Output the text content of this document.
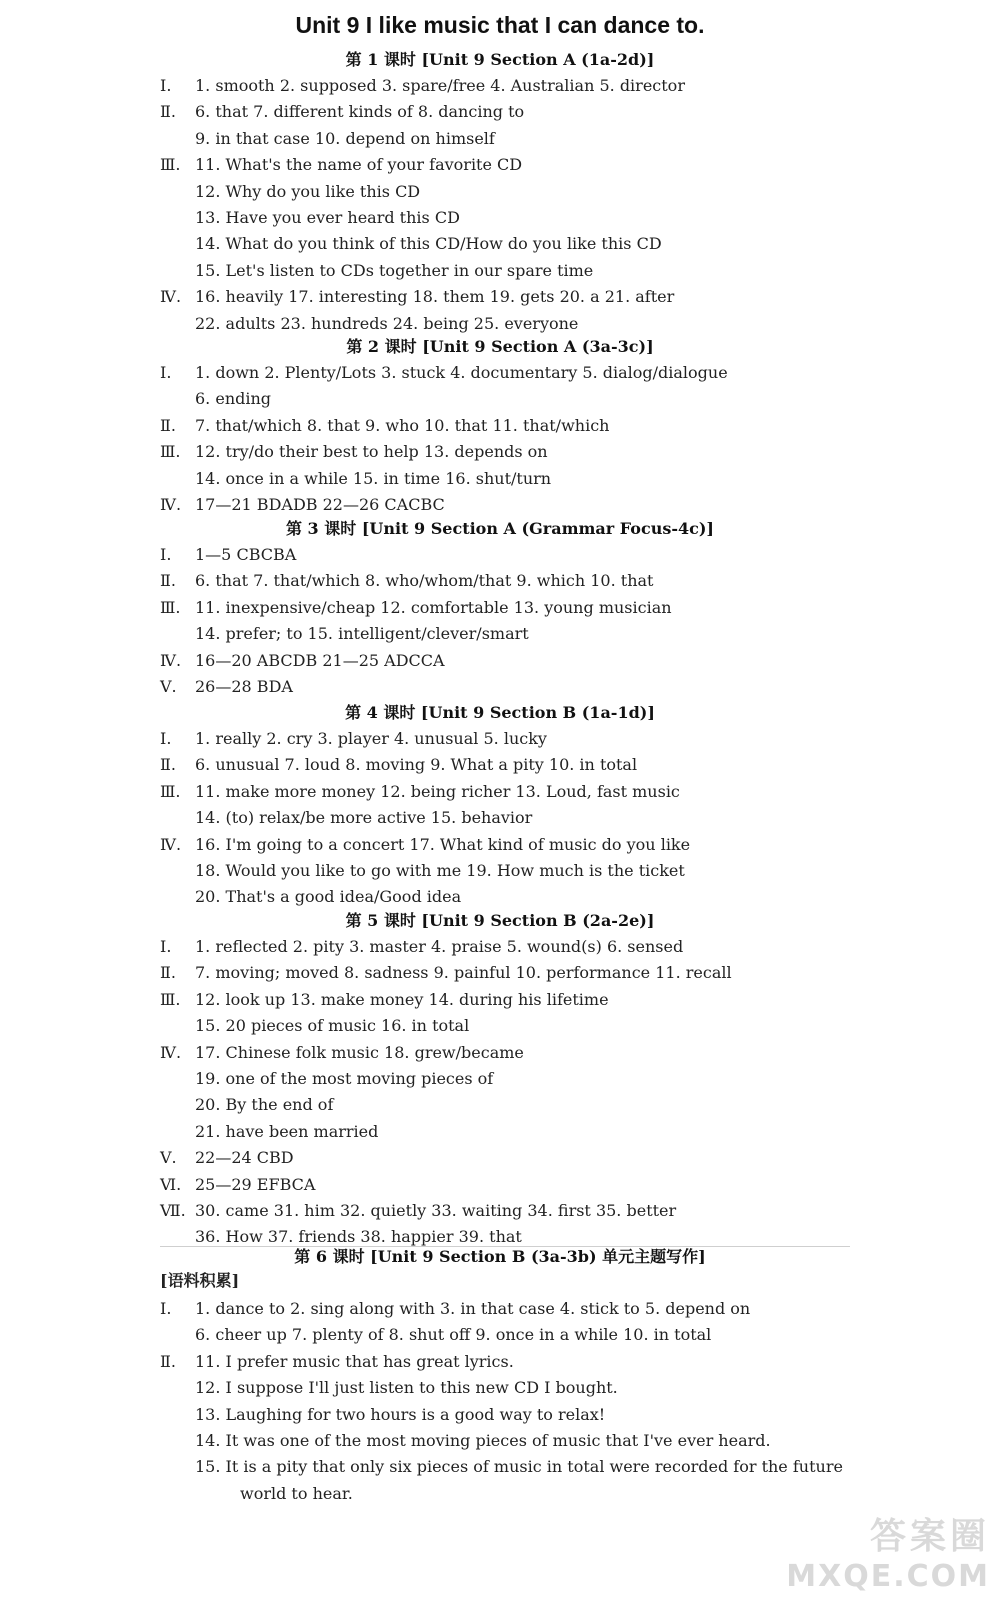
Unit 9 I like music that I can dance to.
第 1 课时 [Unit 9 Section A (1a-2d)]
Ⅰ.	1. smooth 2. supposed 3. spare/free 4. Australian 5. director
Ⅱ.	6. that 7. different kinds of 8. dancing to
9. in that case 10. depend on himself
Ⅲ. 11. What's the name of your favorite CD
12. Why do you like this CD
13. Have you ever heard this CD
14. What do you think of this CD/How do you like this CD
15. Let's listen to CDs together in our spare time
Ⅳ. 16. heavily 17. interesting 18. them 19. gets 20. a 21. after
22. adults 23. hundreds 24. being 25. everyone
第 2 课时 [Unit 9 Section A (3a-3c)]
Ⅰ.	1. down 2. Plenty/Lots 3. stuck 4. documentary 5. dialog/dialogue
6. ending
Ⅱ.	7. that/which 8. that 9. who 10. that 11. that/which
Ⅲ. 12. try/do their best to help 13. depends on
14. once in a while 15. in time 16. shut/turn
Ⅳ. 17—21 BDADB 22—26 CACBC
第 3 课时 [Unit 9 Section A (Grammar Focus-4c)]
Ⅰ.	1—5 CBCBA
Ⅱ.	6. that 7. that/which 8. who/whom/that 9. which 10. that
Ⅲ. 11. inexpensive/cheap 12. comfortable 13. young musician
14. prefer; to 15. intelligent/clever/smart
Ⅳ. 16—20 ABCDB 21—25 ADCCA
Ⅴ.	26—28 BDA
第 4 课时 [Unit 9 Section B (1a-1d)]
Ⅰ.	1. really 2. cry 3. player 4. unusual 5. lucky
Ⅱ.	6. unusual 7. loud 8. moving 9. What a pity 10. in total
Ⅲ. 11. make more money 12. being richer 13. Loud, fast music
14. (to) relax/be more active 15. behavior
Ⅳ. 16. I'm going to a concert 17. What kind of music do you like
18. Would you like to go with me 19. How much is the ticket
20. That's a good idea/Good idea
第 5 课时 [Unit 9 Section B (2a-2e)]
Ⅰ.	1. reflected 2. pity 3. master 4. praise 5. wound(s) 6. sensed
Ⅱ.	7. moving; moved 8. sadness 9. painful 10. performance 11. recall
Ⅲ. 12. look up 13. make money 14. during his lifetime
15. 20 pieces of music 16. in total
Ⅳ. 17. Chinese folk music 18. grew/became
19. one of the most moving pieces of
20. By the end of
21. have been married
Ⅴ.	22—24 CBD
Ⅵ. 25—29 EFBCA
Ⅶ. 30. came 31. him 32. quietly 33. waiting 34. first 35. better
36. How 37. friends 38. happier 39. that
第 6 课时 [Unit 9 Section B (3a-3b) 单元主题写作]
[语料积累]
Ⅰ.	1. dance to 2. sing along with 3. in that case 4. stick to 5. depend on
6. cheer up 7. plenty of 8. shut off 9. once in a while 10. in total
Ⅱ.	11. I prefer music that has great lyrics.
12. I suppose I'll just listen to this new CD I bought.
13. Laughing for two hours is a good way to relax!
14. It was one of the most moving pieces of music that I've ever heard.
15. It is a pity that only six pieces of music in total were recorded for the future
world to hear.
答案圈
MXQE.COM
